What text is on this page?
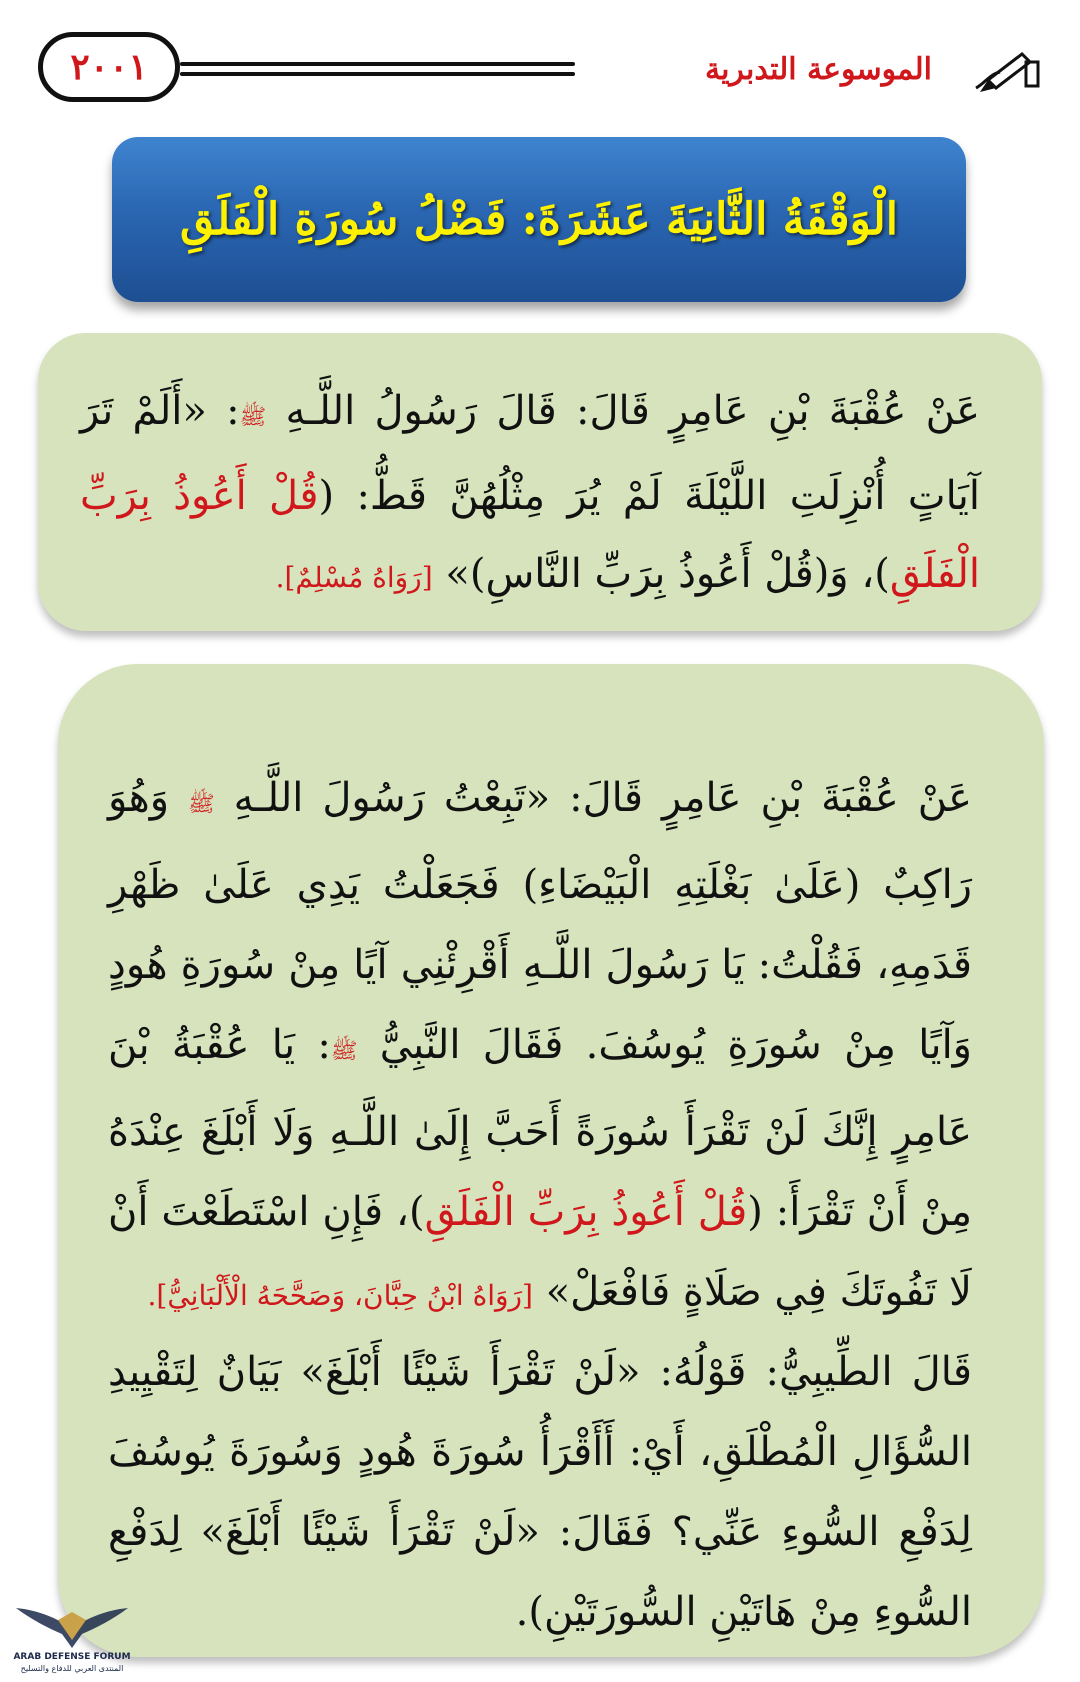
٢٠٠١	الموسوعة التدبرية
الْوَقْفَةُ الثَّانِيَةَ عَشَرَةَ: فَضْلُ سُورَةِ الْفَلَقِ
عَنْ عُقْبَةَ بْنِ عَامِرٍ قَالَ: قَالَ رَسُولُ اللَّـهِ ﷺ: «أَلَمْ تَرَ آيَاتٍ أُنْزِلَتِ اللَّيْلَةَ لَمْ يُرَ مِثْلُهُنَّ قَطُّ: (قُلْ أَعُوذُ بِرَبِّ الْفَلَقِ)، وَ(قُلْ أَعُوذُ بِرَبِّ النَّاسِ)» [رَوَاهُ مُسْلِمٌ].
عَنْ عُقْبَةَ بْنِ عَامِرٍ قَالَ: «تَبِعْتُ رَسُولَ اللَّـهِ ﷺ وَهُوَ رَاكِبٌ (عَلَىٰ بَغْلَتِهِ الْبَيْضَاءِ) فَجَعَلْتُ يَدِي عَلَىٰ ظَهْرِ قَدَمِهِ، فَقُلْتُ: يَا رَسُولَ اللَّـهِ أَقْرِئْنِي آيًا مِنْ سُورَةِ هُودٍ وَآيًا مِنْ سُورَةِ يُوسُفَ. فَقَالَ النَّبِيُّ ﷺ: يَا عُقْبَةُ بْنَ عَامِرٍ إِنَّكَ لَنْ تَقْرَأَ سُورَةً أَحَبَّ إِلَىٰ اللَّـهِ وَلَا أَبْلَغَ عِنْدَهُ مِنْ أَنْ تَقْرَأَ: (قُلْ أَعُوذُ بِرَبِّ الْفَلَقِ)، فَإِنِ اسْتَطَعْتَ أَنْ لَا تَفُوتَكَ فِي صَلَاةٍ فَافْعَلْ» [رَوَاهُ ابْنُ حِبَّانَ، وَصَحَّحَهُ الْأَلْبَانِيُّ].
قَالَ الطِّيبِيُّ: قَوْلُهُ: «لَنْ تَقْرَأَ شَيْئًا أَبْلَغَ» بَيَانٌ لِتَقْيِيدِ السُّؤَالِ الْمُطْلَقِ، أَيْ: أَأَقْرَأُ سُورَةَ هُودٍ وَسُورَةَ يُوسُفَ لِدَفْعِ السُّوءِ عَنِّي؟ فَقَالَ: «لَنْ تَقْرَأَ شَيْئًا أَبْلَغَ» لِدَفْعِ السُّوءِ مِنْ هَاتَيْنِ السُّورَتَيْنِ).
ARAB DEFENSE FORUM
المنتدى العربي للدفاع والتسليح
